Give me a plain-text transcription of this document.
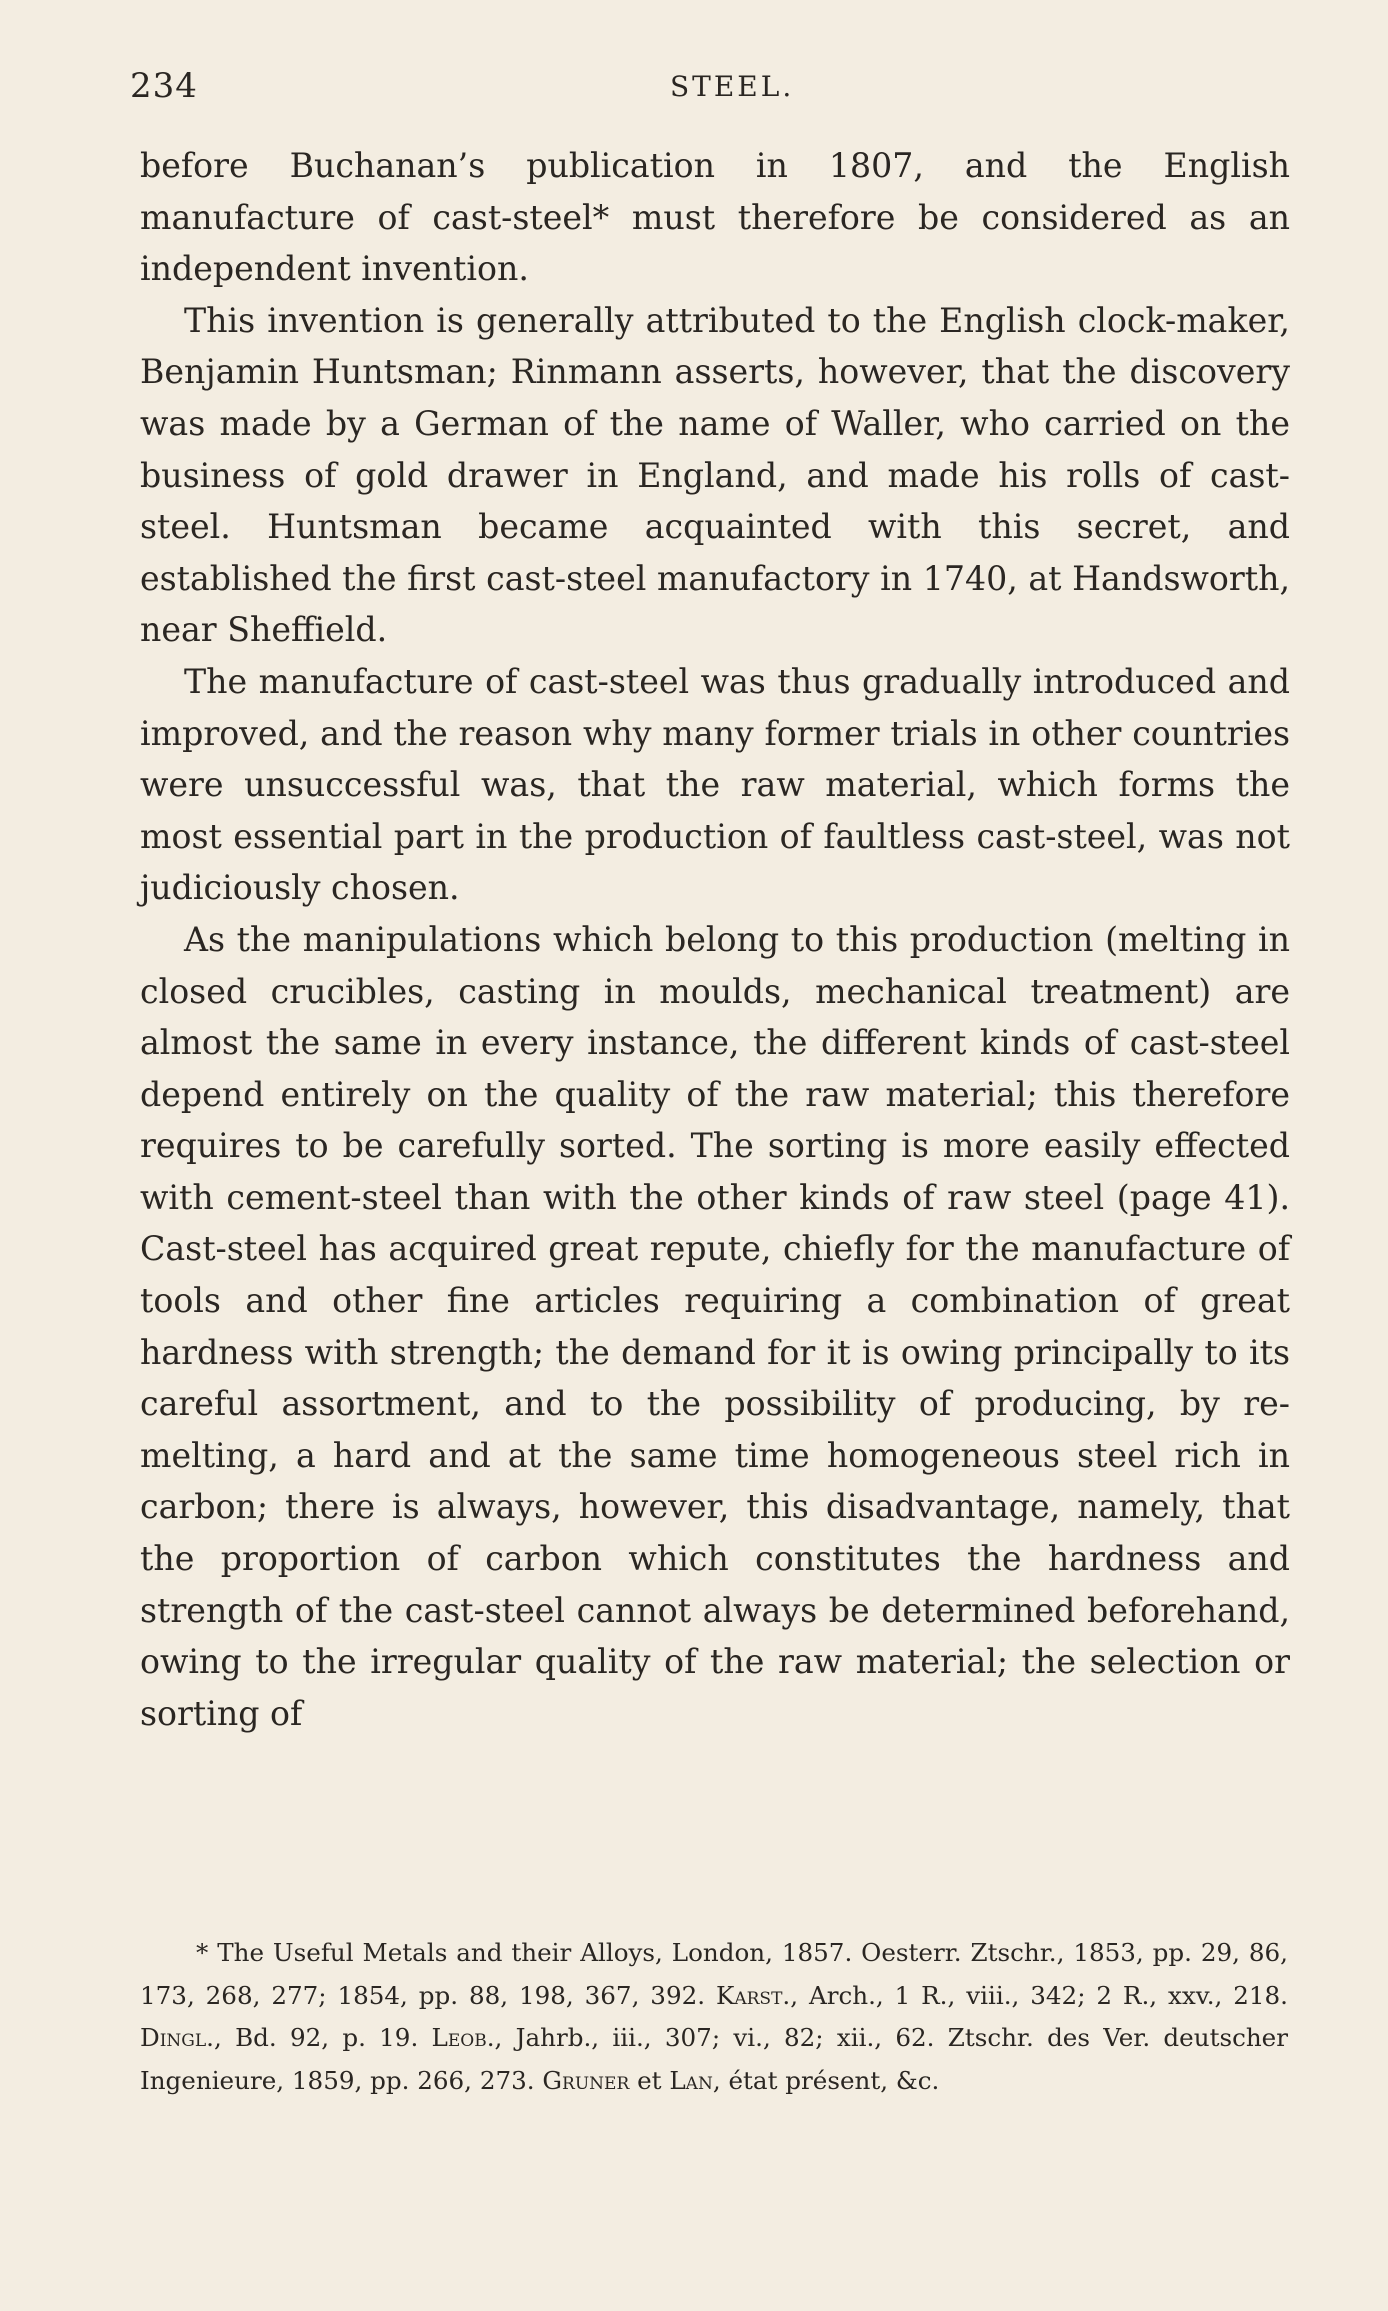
234	STEEL.

before Buchanan’s publication in 1807, and the English manufacture of cast-steel* must therefore be considered as an independent invention.

This invention is generally attributed to the English clock-maker, Benjamin Huntsman; Rinmann asserts, however, that the discovery was made by a German of the name of Waller, who carried on the business of gold drawer in England, and made his rolls of cast-steel. Huntsman became acquainted with this secret, and established the first cast-steel manufactory in 1740, at Handsworth, near Sheffield.

The manufacture of cast-steel was thus gradually introduced and improved, and the reason why many former trials in other countries were unsuccessful was, that the raw material, which forms the most essential part in the production of faultless cast-steel, was not judiciously chosen.

As the manipulations which belong to this production (melting in closed crucibles, casting in moulds, mechanical treatment) are almost the same in every instance, the different kinds of cast-steel depend entirely on the quality of the raw material; this therefore requires to be carefully sorted. The sorting is more easily effected with cement-steel than with the other kinds of raw steel (page 41). Cast-steel has acquired great repute, chiefly for the manufacture of tools and other fine articles requiring a combination of great hardness with strength; the demand for it is owing principally to its careful assortment, and to the possibility of producing, by re-melting, a hard and at the same time homogeneous steel rich in carbon; there is always, however, this disadvantage, namely, that the proportion of carbon which constitutes the hardness and strength of the cast-steel cannot always be determined beforehand, owing to the irregular quality of the raw material; the selection or sorting of

* The Useful Metals and their Alloys, London, 1857. Oesterr. Ztschr., 1853, pp. 29, 86, 173, 268, 277; 1854, pp. 88, 198, 367, 392. Karst., Arch., 1 R., viii., 342; 2 R., xxv., 218. Dingl., Bd. 92, p. 19. Leob., Jahrb., iii., 307; vi., 82; xii., 62. Ztschr. des Ver. deutscher Ingenieure, 1859, pp. 266, 273. Gruner et Lan, état présent, &c.
